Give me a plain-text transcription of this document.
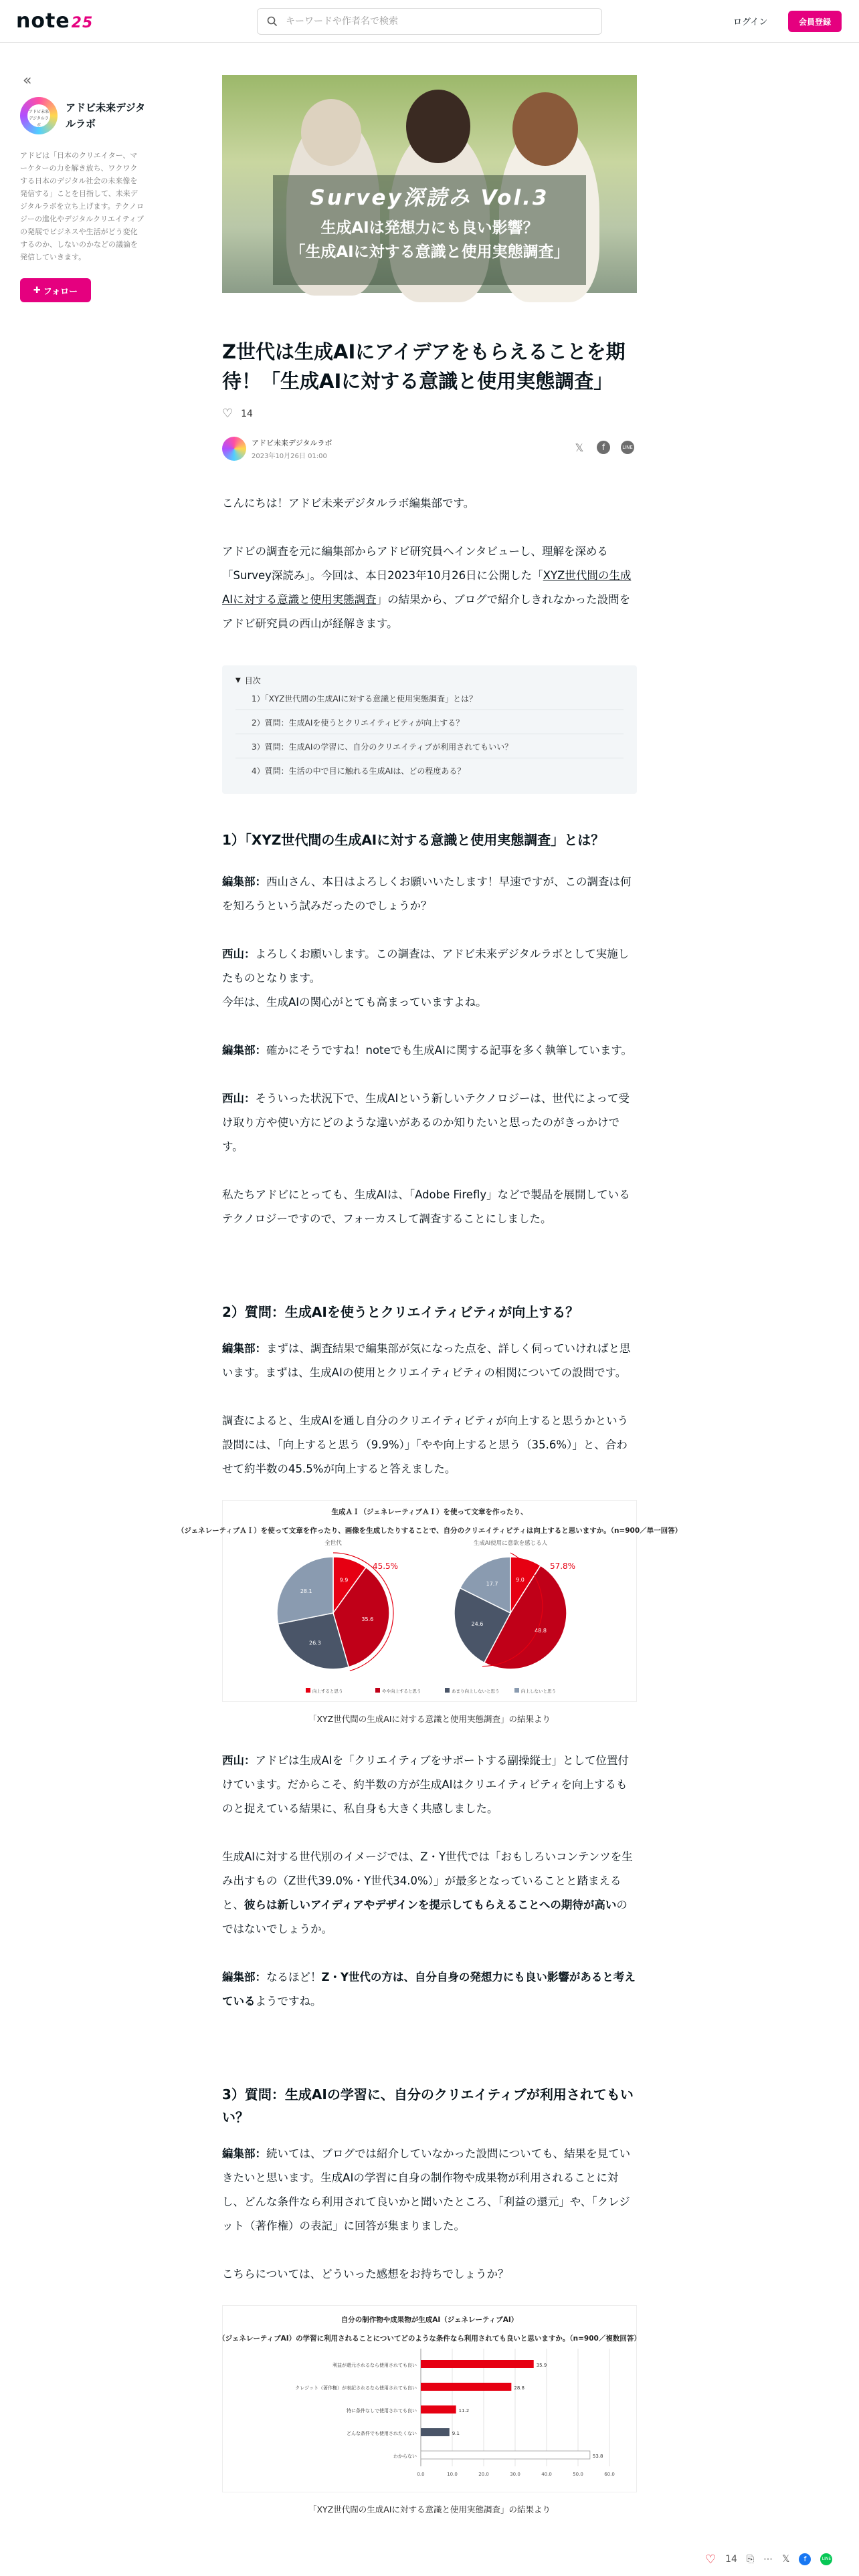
note25
キーワードや作者名で検索	ログイン	会員登録
«
アドビ未来デジタルラボ
アドビ未来デジタルラボ
アドビは「日本のクリエイター、マーケターの力を解き放ち、ワクワクする日本のデジタル社会の未来像を発信する」ことを目指して、未来デジタルラボを立ち上げます。テクノロジーの進化やデジタルクリエイティブの発展でビジネスや生活がどう変化するのか、しないのかなどの議論を発信していきます。
✚ フォロー
Survey深読み Vol.3
生成AIは発想力にも良い影響？
「生成AIに対する意識と使用実態調査」
Z世代は生成AIにアイデアをもらえることを期待！「生成AIに対する意識と使用実態調査」
♡ 14
アドビ未来デジタルラボ
2023年10月26日 01:00
𝕏	f	LINE

こんにちは！アドビ未来デジタルラボ編集部です。

アドビの調査を元に編集部からアドビ研究員へインタビューし、理解を深める「Survey深読み」。今回は、本日2023年10月26日に公開した「XYZ世代間の生成AIに対する意識と使用実態調査」の結果から、ブログで紹介しきれなかった設問をアドビ研究員の西山が経解きます。

▼ 目次
1）「XYZ世代間の生成AIに対する意識と使用実態調査」とは？
2）質問：生成AIを使うとクリエイティビティが向上する？
3）質問：生成AIの学習に、自分のクリエイティブが利用されてもいい？
4）質問：生活の中で目に触れる生成AIは、どの程度ある？
1）「XYZ世代間の生成AIに対する意識と使用実態調査」とは？

編集部：西山さん、本日はよろしくお願いいたします！早速ですが、この調査は何を知ろうという試みだったのでしょうか？

西山：よろしくお願いします。この調査は、アドビ未来デジタルラボとして実施したものとなります。
今年は、生成AIの関心がとても高まっていますよね。

編集部：確かにそうですね！noteでも生成AIに関する記事を多く執筆しています。

西山：そういった状況下で、生成AIという新しいテクノロジーは、世代によって受け取り方や使い方にどのような違いがあるのか知りたいと思ったのがきっかけです。

私たちアドビにとっても、生成AIは、「Adobe Firefly」などで製品を展開しているテクノロジーですので、フォーカスして調査することにしました。

2）質問：生成AIを使うとクリエイティビティが向上する？

編集部：まずは、調査結果で編集部が気になった点を、詳しく伺っていければと思います。まずは、生成AIの使用とクリエイティビティの相関についての設問です。

調査によると、生成AIを通し自分のクリエイティビティが向上すると思うかという設問には、「向上すると思う（9.9%）」「やや向上すると思う（35.6%）」と、合わせて約半数の45.5%が向上すると答えました。

生成ＡＩ（ジェネレーティブＡＩ）を使って文章を作ったり、
（ジェネレーティブＡＩ）を使って文章を作ったり、画像を生成したりすることで、自分のクリエイティビティは向上すると思いますか。（n=900／単一回答）
全世代
9.9
35.6
26.3
28.1
45.5%
生成AI使用に意欲を感じる人
9.0
48.8
24.6
17.7
57.8%
向上すると思う	やや向上すると思う	あまり向上しないと思う	向上しないと思う

「XYZ世代間の生成AIに対する意識と使用実態調査」の結果より

西山：アドビは生成AIを「クリエイティブをサポートする副操縦士」として位置付けています。だからこそ、約半数の方が生成AIはクリエイティビティを向上するものと捉えている結果に、私自身も大きく共感しました。

生成AIに対する世代別のイメージでは、Z・Y世代では「おもしろいコンテンツを生み出すもの（Z世代39.0%・Y世代34.0%）」が最多となっていることと踏まえると、彼らは新しいアイディアやデザインを提示してもらえることへの期待が高いのではないでしょうか。

編集部：なるほど！Z・Y世代の方は、自分自身の発想力にも良い影響があると考えているようですね。

3）質問：生成AIの学習に、自分のクリエイティブが利用されてもいい？

編集部：続いては、ブログでは紹介していなかった設問についても、結果を見ていきたいと思います。生成AIの学習に自身の制作物や成果物が利用されることに対し、どんな条件なら利用されて良いかと聞いたところ、「利益の還元」や、「クレジット（著作権）の表記」に回答が集まりました。

こちらについては、どういった感想をお持ちでしょうか？

自分の制作物や成果物が生成AI（ジェネレーティブAI）
（ジェネレーティブAI）の学習に利用されることについてどのような条件なら利用されても良いと思いますか。（n=900／複数回答）
0.0	10.0	20.0	30.0	40.0	50.0	60.0
利益が還元されるなら使用されても良い	35.9
クレジット（著作権）が表記されるなら使用されても良い	28.8
特に条件なしで使用されても良い	11.2
どんな条件でも使用されたくない	9.1
わからない	53.8

「XYZ世代間の生成AIに対する意識と使用実態調査」の結果より

♡ 14 ⎘ ⋯ 𝕏	f	LINE
